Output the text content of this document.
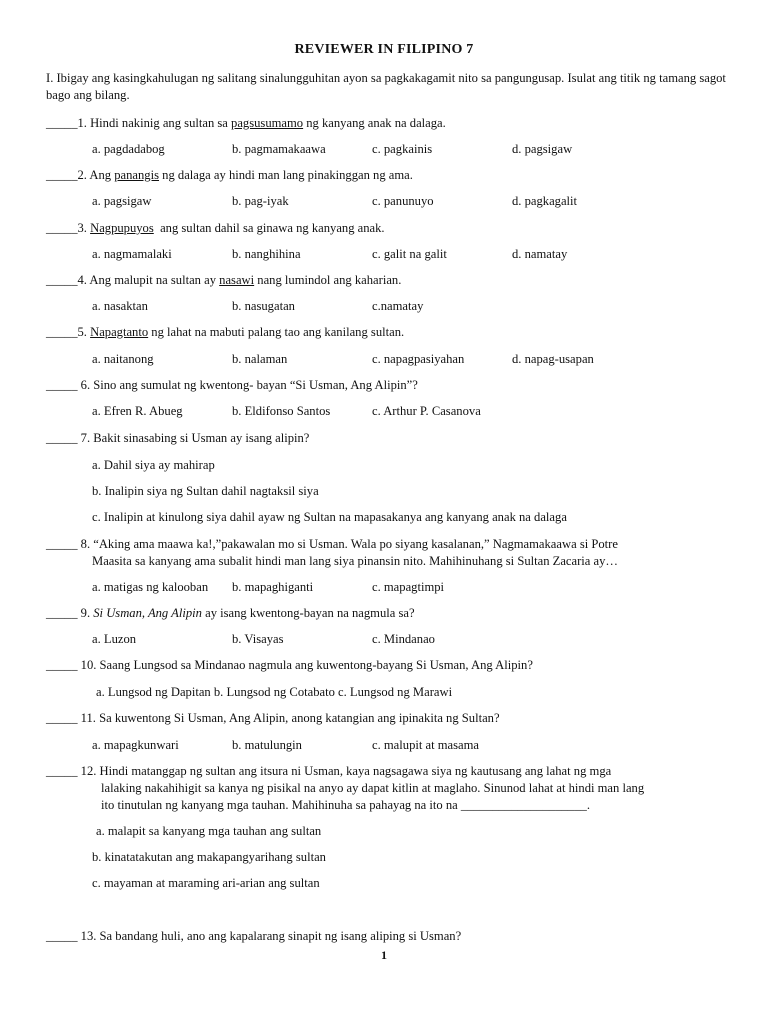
REVIEWER IN FILIPINO 7
I. Ibigay ang kasingkahulugan ng salitang sinalungguhitan ayon sa pagkakagamit nito sa pangungusap. Isulat ang titik ng tamang sagot bago ang bilang.
_____1. Hindi nakinig ang sultan sa pagsusumamo ng kanyang anak na dalaga.
a. pagdadabog	b. pagmamakaawa	c. pagkainis	d. pagsigaw
_____2. Ang panangis ng dalaga ay hindi man lang pinakinggan ng ama.
a. pagsigaw	b. pag-iyak	c. panunuyo	d. pagkagalit
_____3. Nagpupuyos  ang sultan dahil sa ginawa ng kanyang anak.
a. nagmamalaki	b. nanghihina	c. galit na galit	d. namatay
_____4. Ang malupit na sultan ay nasawi nang lumindol ang kaharian.
a. nasaktan	b. nasugatan	c.namatay
_____5. Napagtanto ng lahat na mabuti palang tao ang kanilang sultan.
a. naitanong	b. nalaman	c. napagpasiyahan	d. napag-usapan
_____ 6. Sino ang sumulat ng kwentong- bayan “Si Usman, Ang Alipin”?
a. Efren R. Abueg	b. Eldifonso Santos	c. Arthur P. Casanova
_____ 7. Bakit sinasabing si Usman ay isang alipin?
a. Dahil siya ay mahirap
b. Inalipin siya ng Sultan dahil nagtaksil siya
c. Inalipin at kinulong siya dahil ayaw ng Sultan na mapasakanya ang kanyang anak na dalaga
_____ 8. “Aking ama maawa ka!,”pakawalan mo si Usman. Wala po siyang kasalanan,” Nagmamakaawa si Potre
Maasita sa kanyang ama subalit hindi man lang siya pinansin nito. Mahihinuhang si Sultan Zacaria ay…
a. matigas ng kalooban b. mapaghiganti	c. mapagtimpi
_____ 9. Si Usman, Ang Alipin ay isang kwentong-bayan na nagmula sa?
a. Luzon	b. Visayas	c. Mindanao
_____ 10. Saang Lungsod sa Mindanao nagmula ang kuwentong-bayang Si Usman, Ang Alipin?
a. Lungsod ng Dapitan b. Lungsod ng Cotabato c. Lungsod ng Marawi
_____ 11. Sa kuwentong Si Usman, Ang Alipin, anong katangian ang ipinakita ng Sultan?
a. mapagkunwari	b. matulungin	c. malupit at masama
_____ 12. Hindi matanggap ng sultan ang itsura ni Usman, kaya nagsagawa siya ng kautusang ang lahat ng mga
lalaking nakahihigit sa kanya ng pisikal na anyo ay dapat kitlin at maglaho. Sinunod lahat at hindi man lang
ito tinutulan ng kanyang mga tauhan. Mahihinuha sa pahayag na ito na ____________________.
a. malapit sa kanyang mga tauhan ang sultan
b. kinatatakutan ang makapangyarihang sultan
c. mayaman at maraming ari-arian ang sultan
_____ 13. Sa bandang huli, ano ang kapalarang sinapit ng isang aliping si Usman?
1
